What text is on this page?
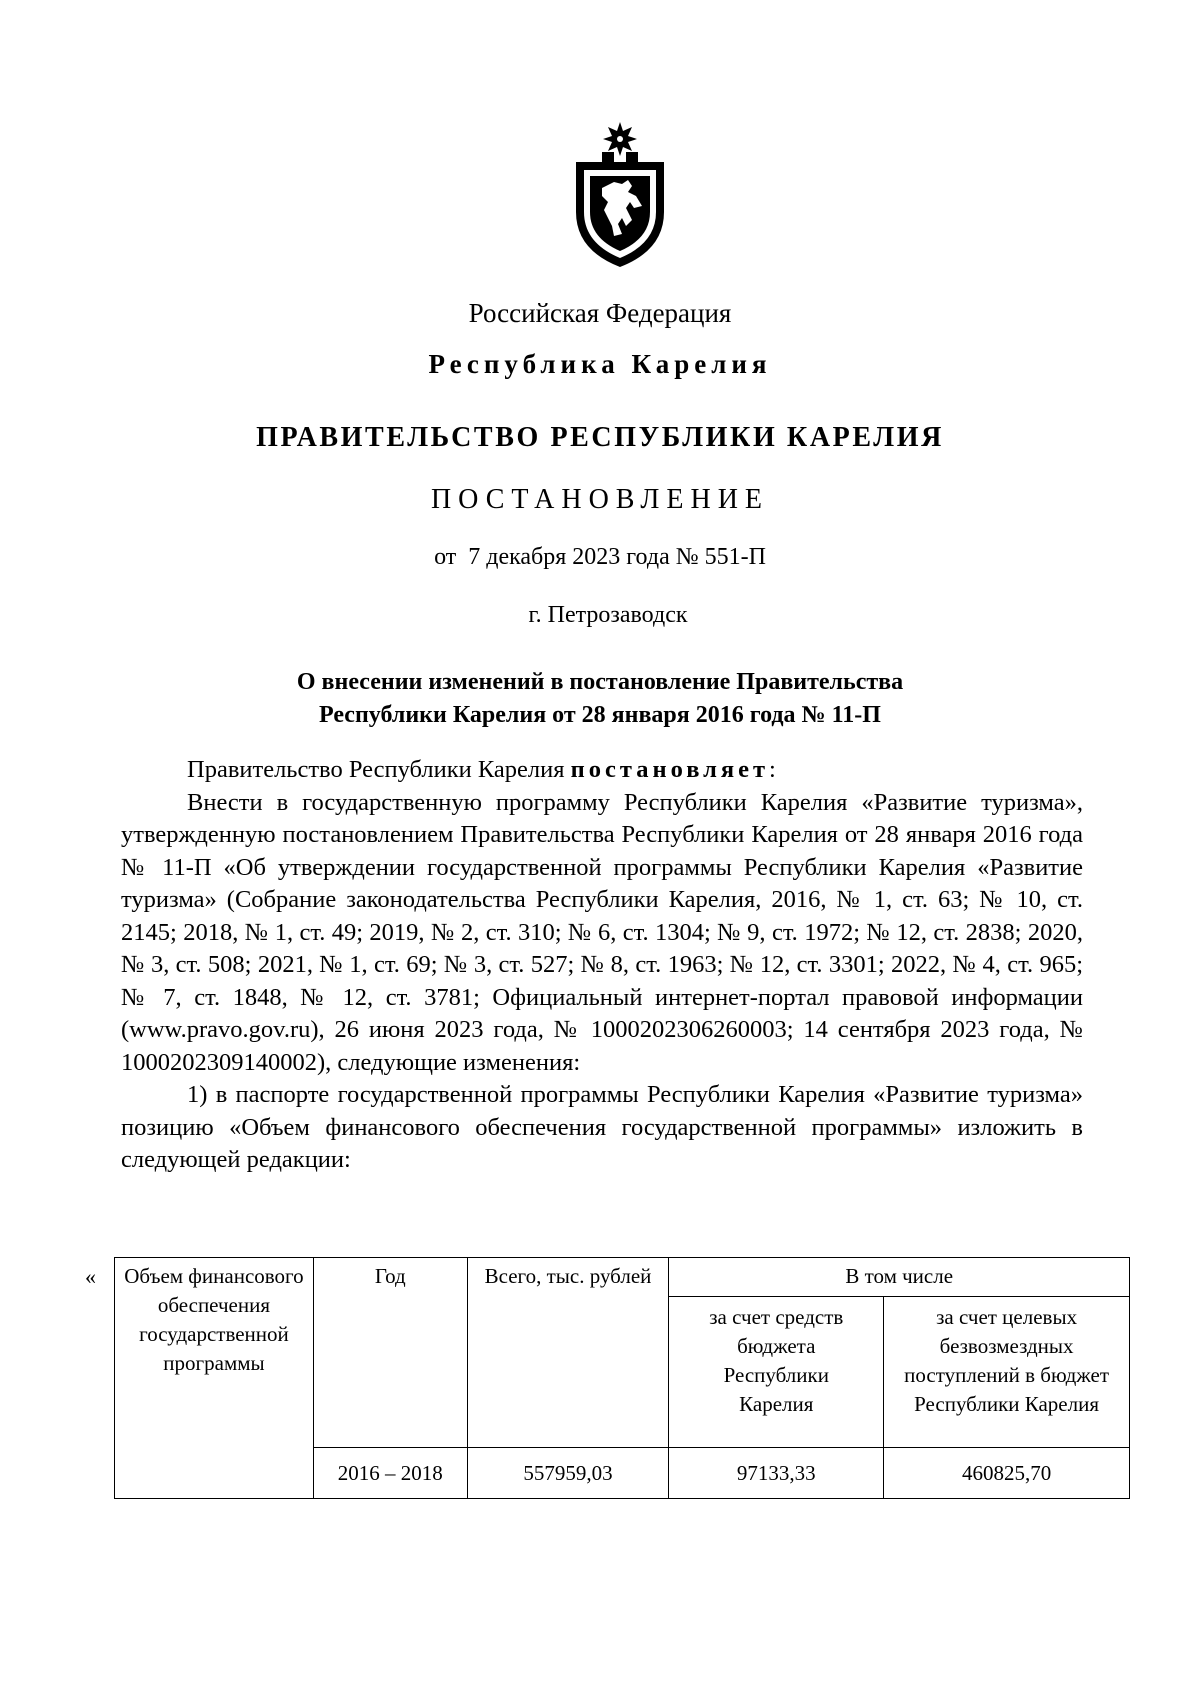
Российская Федерация
Республика Карелия
ПРАВИТЕЛЬСТВО РЕСПУБЛИКИ КАРЕЛИЯ
ПОСТАНОВЛЕНИЕ
от  7 декабря 2023 года № 551-П
г. Петрозаводск
О внесении изменений в постановление Правительства
Республики Карелия от 28 января 2016 года № 11-П

Правительство Республики Карелия постановляет:

Внести в государственную программу Республики Карелия «Развитие туризма», утвержденную постановлением Правительства Республики Карелия от 28 января 2016 года № 11-П «Об утверждении государственной программы Республики Карелия «Развитие туризма» (Собрание законодательства Республики Карелия, 2016, № 1, ст. 63; № 10, ст. 2145; 2018, № 1, ст. 49; 2019, № 2, ст. 310; № 6, ст. 1304; № 9, ст. 1972; № 12, ст. 2838; 2020, № 3, ст. 508; 2021, № 1, ст. 69; № 3, ст. 527; № 8, ст. 1963; № 12, ст. 3301; 2022, № 4, ст. 965; № 7, ст. 1848, № 12, ст. 3781; Официальный интернет-портал правовой информации (www.pravo.gov.ru), 26 июня 2023 года, № 1000202306260003; 14 сентября 2023 года, № 1000202309140002), следующие изменения:

1) в паспорте государственной программы Республики Карелия «Развитие туризма» позицию «Объем финансового обеспечения государственной программы» изложить в следующей редакции:

« Объем финансового обеспечения государственной программы	Год	Всего, тыс. рублей	В том числе	
			за счет средств бюджета Республики Карелия	за счет целевых безвозмездных поступлений в бюджет Республики Карелия
	2016 – 2018	557959,03	97133,33	460825,70
